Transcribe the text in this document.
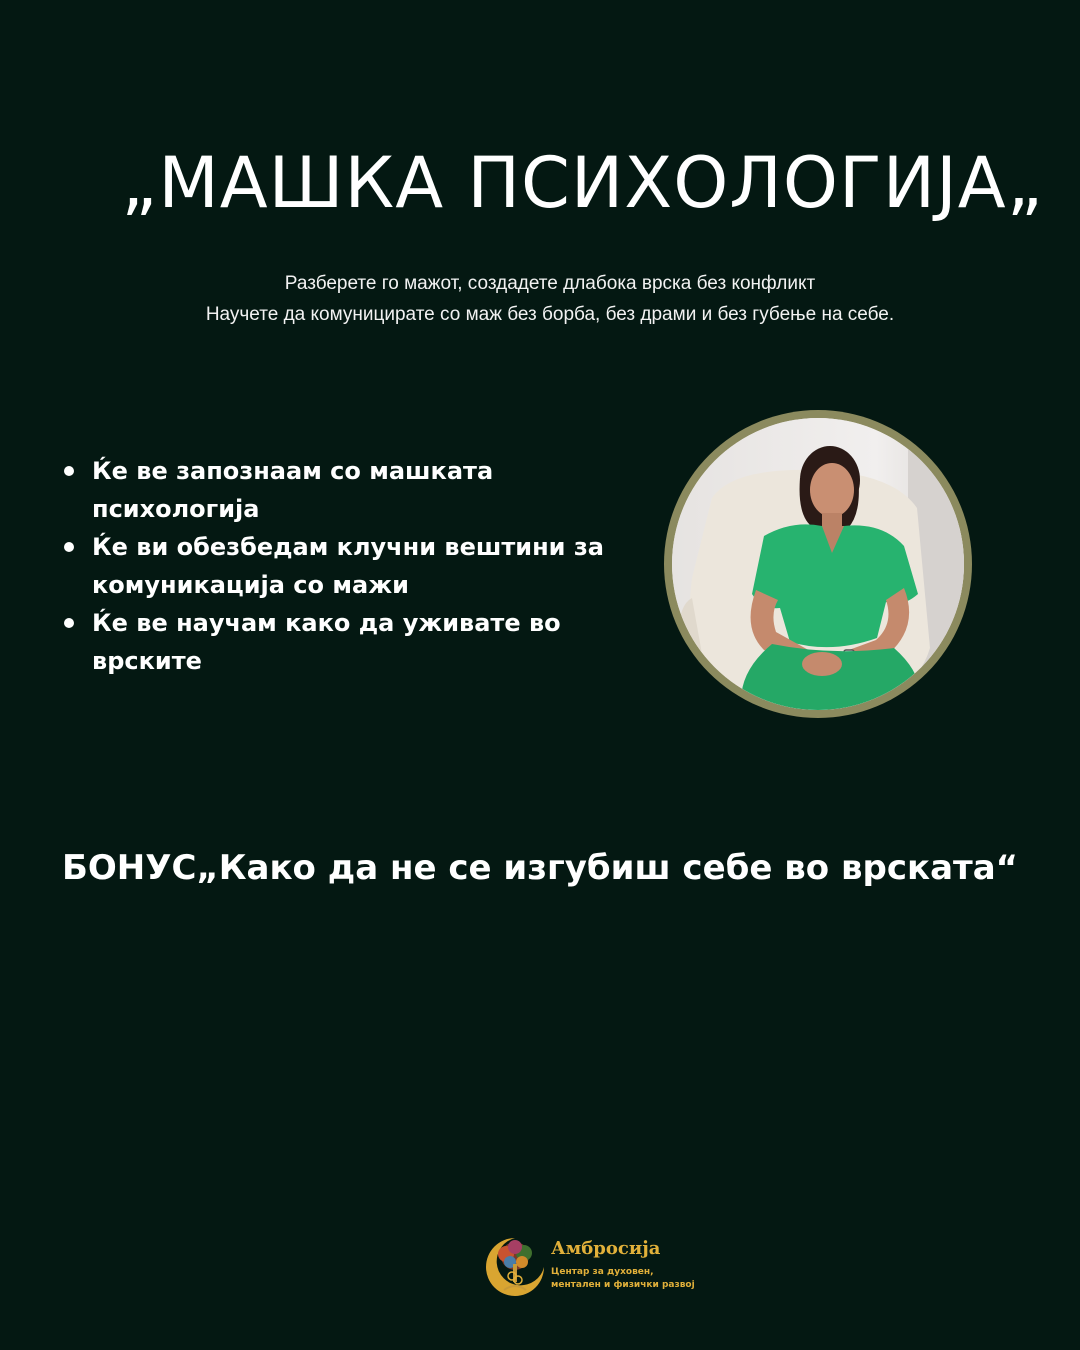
„МАШКА ПСИХОЛОГИЈА„
Разберете го мажот, создадете длабока врска без конфликт
Научете да комуницирате со маж без борба, без драми и без губење на себе.
Ќе ве запознаам со машката психологија
Ќе ви обезбедам клучни вештини за комуникација со мажи
Ќе ве научам како да уживате во врските
БОНУС„Како да не се изгубиш себе во врската“
Амбросија
Центар за духовен,
ментален и физички развој
